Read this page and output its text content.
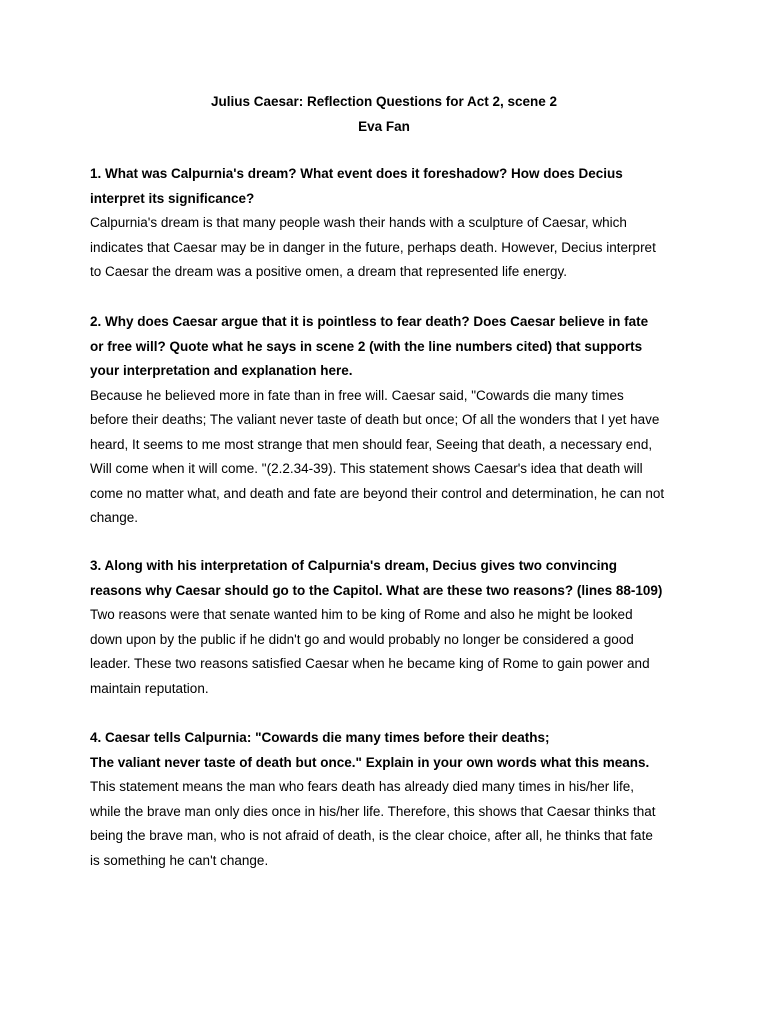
Julius Caesar: Reflection Questions for Act 2, scene 2
Eva Fan
1. What was Calpurnia's dream? What event does it foreshadow? How does Decius
interpret its significance?
Calpurnia's dream is that many people wash their hands with a sculpture of Caesar, which
indicates that Caesar may be in danger in the future, perhaps death. However, Decius interpret
to Caesar the dream was a positive omen, a dream that represented life energy.
2. Why does Caesar argue that it is pointless to fear death? Does Caesar believe in fate
or free will? Quote what he says in scene 2 (with the line numbers cited) that supports
your interpretation and explanation here.
Because he believed more in fate than in free will. Caesar said, "Cowards die many times
before their deaths; The valiant never taste of death but once; Of all the wonders that I yet have
heard, It seems to me most strange that men should fear, Seeing that death, a necessary end,
Will come when it will come. "(2.2.34-39). This statement shows Caesar's idea that death will
come no matter what, and death and fate are beyond their control and determination, he can not
change.
3. Along with his interpretation of Calpurnia's dream, Decius gives two convincing
reasons why Caesar should go to the Capitol. What are these two reasons? (lines 88-109)
Two reasons were that senate wanted him to be king of Rome and also he might be looked
down upon by the public if he didn't go and would probably no longer be considered a good
leader. These two reasons satisfied Caesar when he became king of Rome to gain power and
maintain reputation.
4. Caesar tells Calpurnia: "Cowards die many times before their deaths;
The valiant never taste of death but once." Explain in your own words what this means.
This statement means the man who fears death has already died many times in his/her life,
while the brave man only dies once in his/her life. Therefore, this shows that Caesar thinks that
being the brave man, who is not afraid of death, is the clear choice, after all, he thinks that fate
is something he can't change.
